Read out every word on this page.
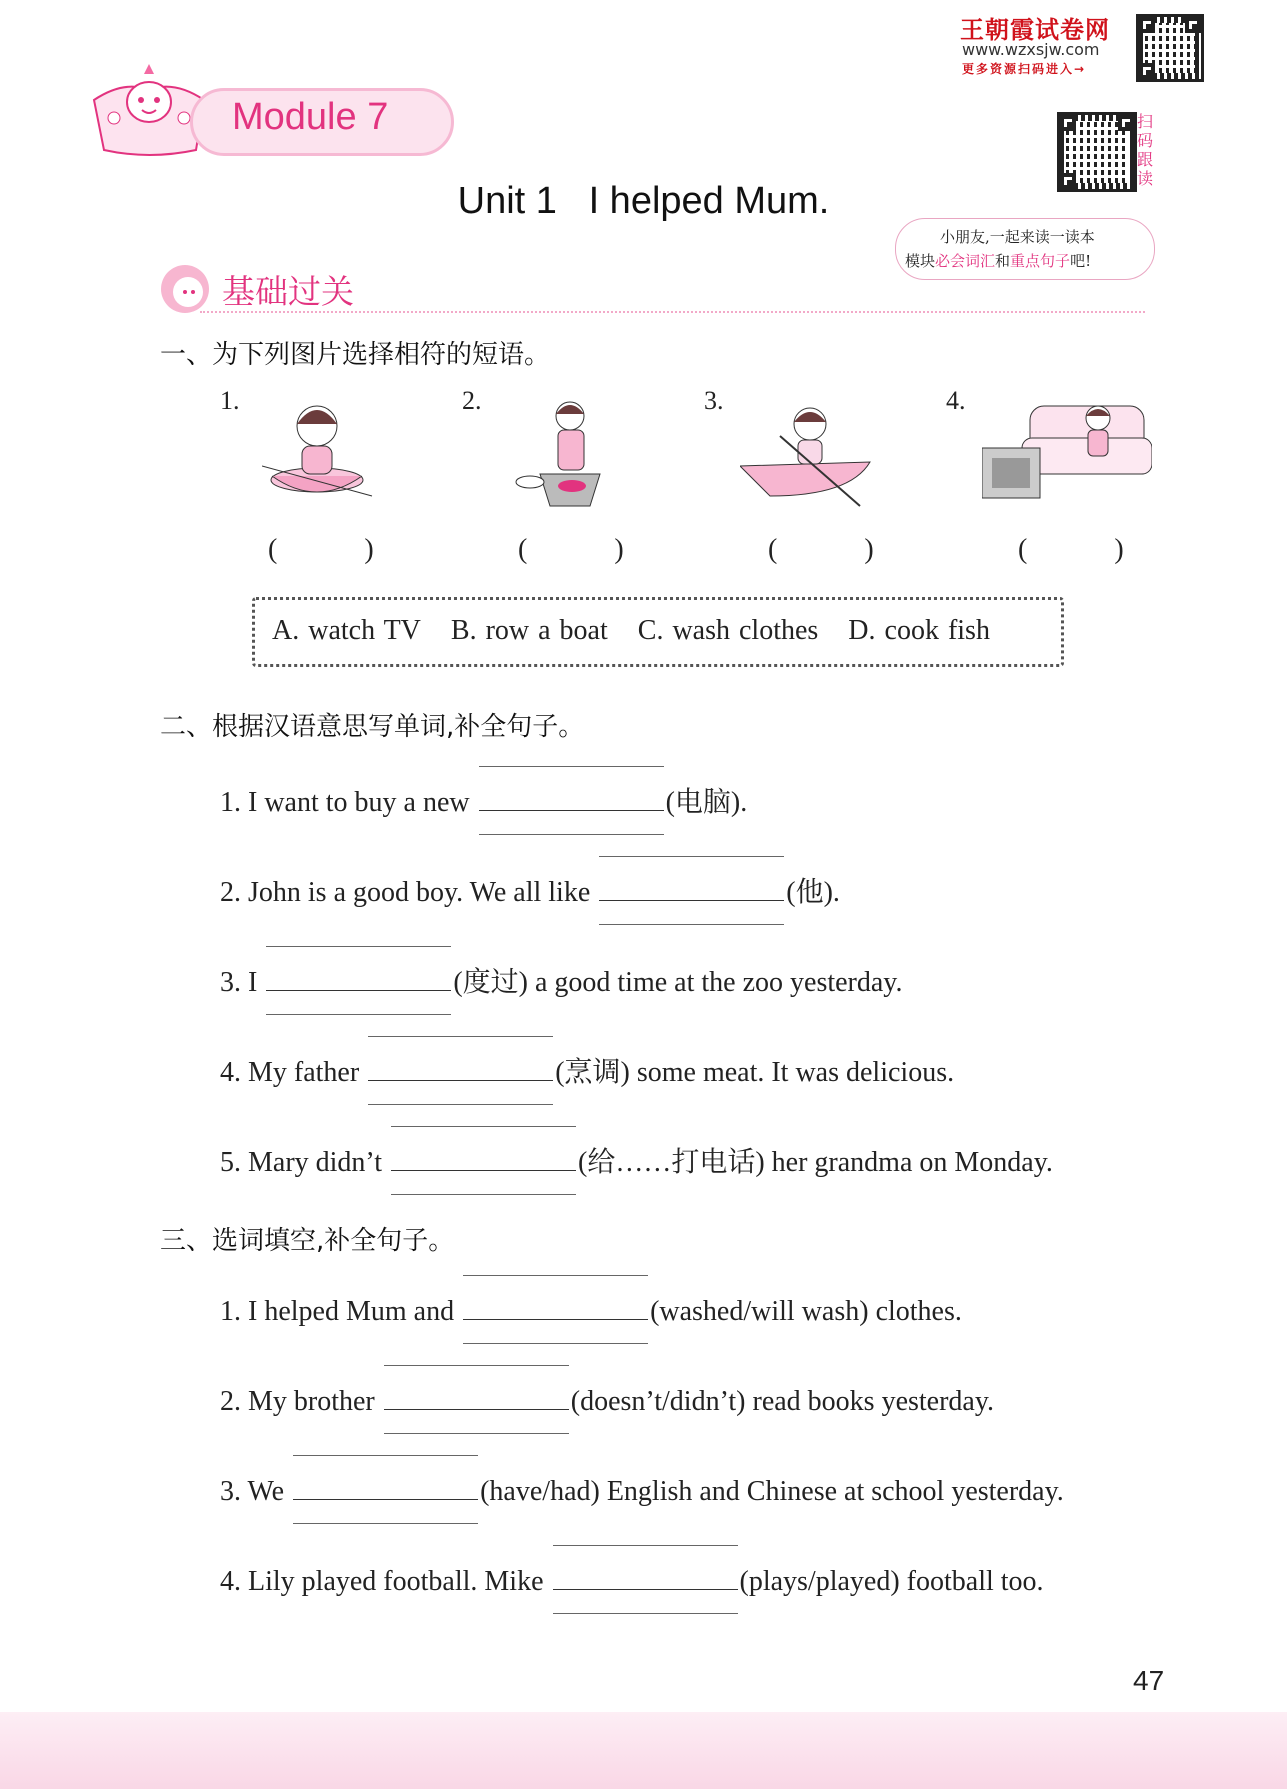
王朝霞试卷网
www.wzxsjw.com
更多资源扫码进入→
扫码跟读
Module 7
Unit 1   I helped Mum.
小朋友,一起来读一读本
模块必会词汇和重点句子吧!
基础过关
一、为下列图片选择相符的短语。
1.	2.	3.	4.
( )	( )	( )	( )
A. watch TV B. row a boat C. wash clothes D. cook fish
二、根据汉语意思写单词,补全句子。
1. I want to buy a new	(电脑).
2. John is a good boy. We all like	(他).
3. I	(度过) a good time at the zoo yesterday.
4. My father	(烹调) some meat. It was delicious.
5. Mary didn’t	(给……打电话) her grandma on Monday.
三、选词填空,补全句子。
1. I helped Mum and	(washed/will wash) clothes.
2. My brother	(doesn’t/didn’t) read books yesterday.
3. We	(have/had) English and Chinese at school yesterday.
4. Lily played football. Mike	(plays/played) football too.
47
